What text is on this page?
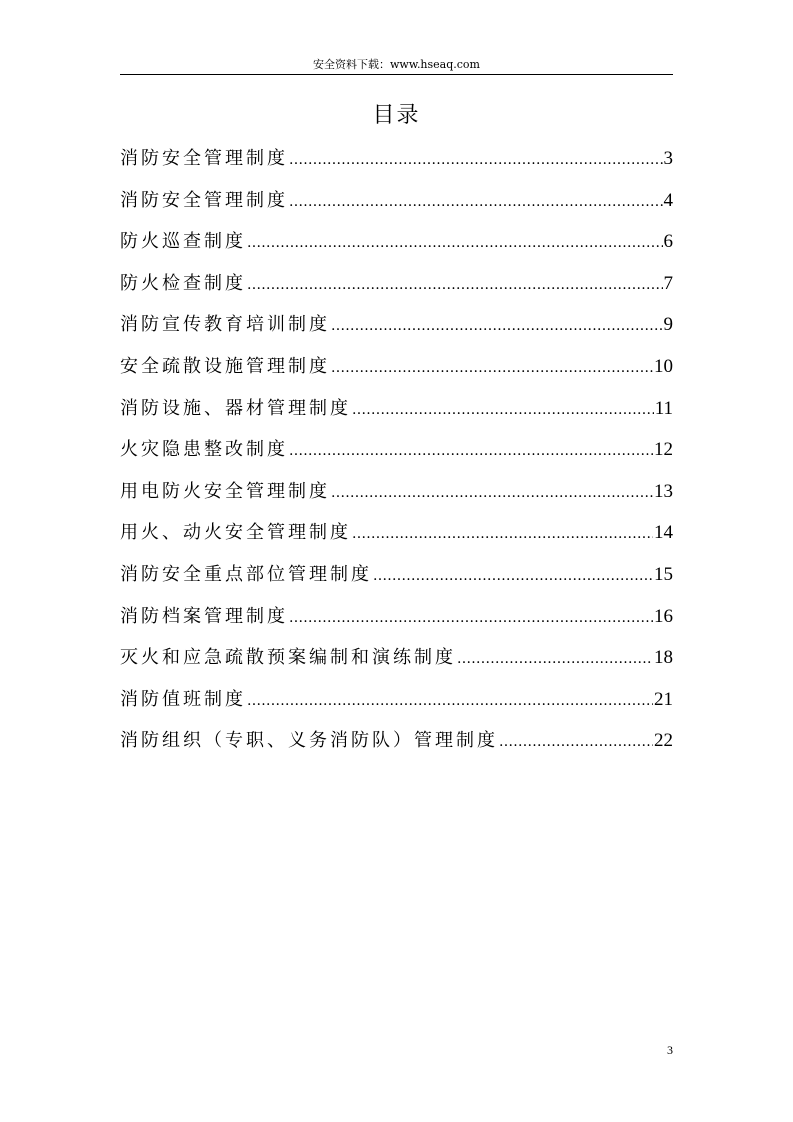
安全资料下载：www.hseaq.com
目录
消防安全管理制度 .....	3
消防安全管理制度 .....	4
防火巡查制度 .....	6
防火检查制度 .....	7
消防宣传教育培训制度 .....	9
安全疏散设施管理制度 .....	10
消防设施、器材管理制度 .....	11
火灾隐患整改制度 .....	12
用电防火安全管理制度 .....	13
用火、动火安全管理制度 .....	14
消防安全重点部位管理制度 .....	15
消防档案管理制度 .....	16
灭火和应急疏散预案编制和演练制度 .....	18
消防值班制度 .....	21
消防组织（专职、义务消防队）管理制度 .....	22
3
